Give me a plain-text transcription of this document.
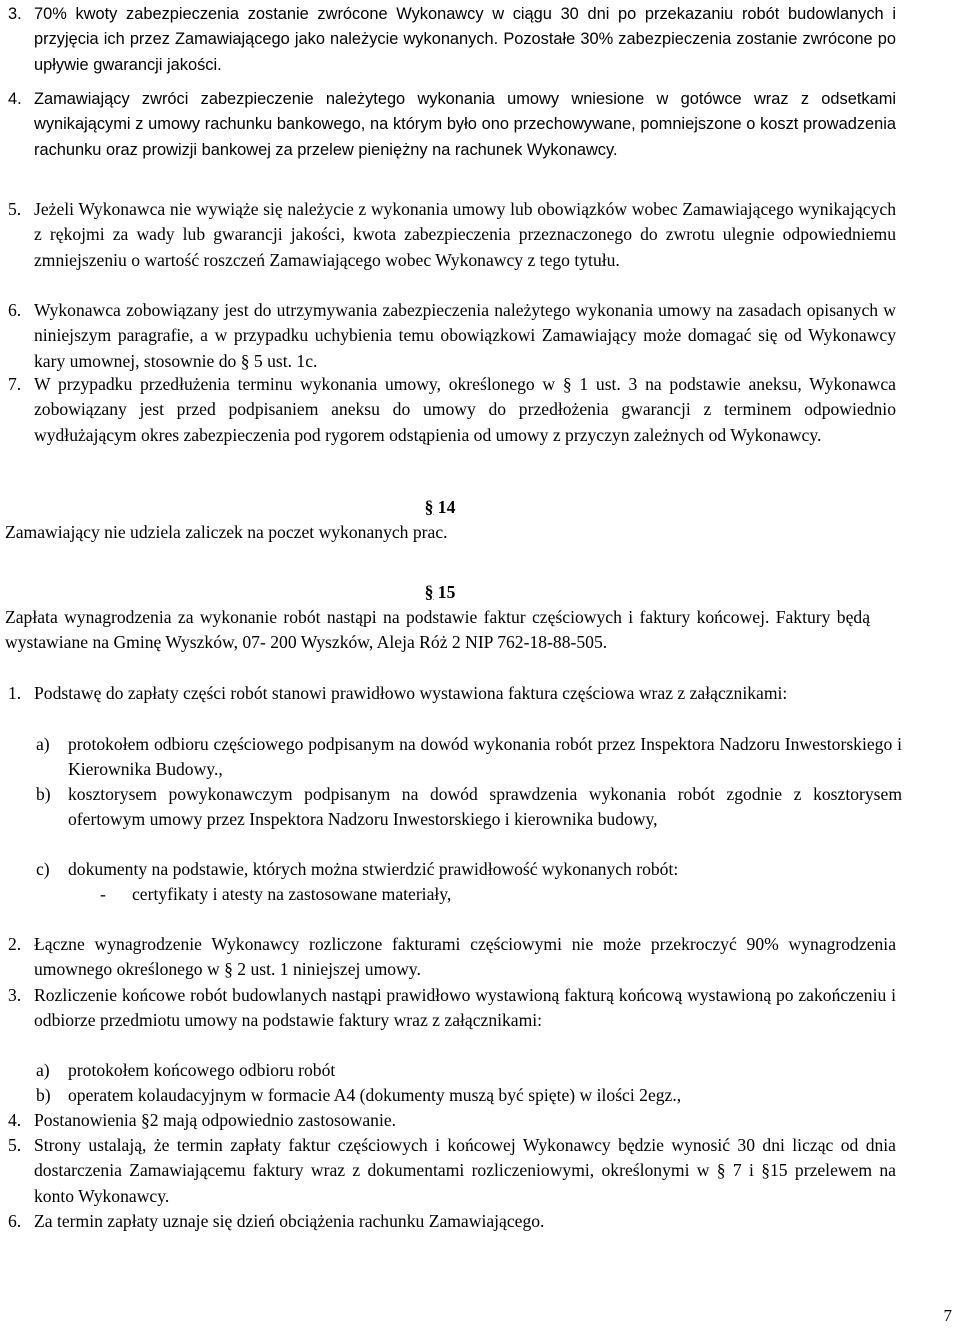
3. 70% kwoty zabezpieczenia zostanie zwrócone Wykonawcy w ciągu 30 dni po przekazaniu robót budowlanych i przyjęcia ich przez Zamawiającego jako należycie wykonanych. Pozostałe 30% zabezpieczenia zostanie zwrócone po upływie gwarancji jakości.
4. Zamawiający zwróci zabezpieczenie należytego wykonania umowy wniesione w gotówce wraz z odsetkami wynikającymi z umowy rachunku bankowego, na którym było ono przechowywane, pomniejszone o koszt prowadzenia rachunku oraz prowizji bankowej za przelew pieniężny na rachunek Wykonawcy.
5. Jeżeli Wykonawca nie wywiąże się należycie z wykonania umowy lub obowiązków wobec Zamawiającego wynikających z rękojmi za wady lub gwarancji jakości, kwota zabezpieczenia przeznaczonego do zwrotu ulegnie odpowiedniemu zmniejszeniu o wartość roszczeń Zamawiającego wobec Wykonawcy z tego tytułu.
6. Wykonawca zobowiązany jest do utrzymywania zabezpieczenia należytego wykonania umowy na zasadach opisanych w niniejszym paragrafie, a w przypadku uchybienia temu obowiązkowi Zamawiający może domagać się od Wykonawcy kary umownej, stosownie do § 5 ust. 1c.
7. W przypadku przedłużenia terminu wykonania umowy, określonego w § 1 ust. 3 na podstawie aneksu, Wykonawca zobowiązany jest przed podpisaniem aneksu do umowy do przedłożenia gwarancji z terminem odpowiednio wydłużającym okres zabezpieczenia pod rygorem odstąpienia od umowy z przyczyn zależnych od Wykonawcy.
§ 14
Zamawiający nie udziela zaliczek na poczet wykonanych prac.
§ 15
Zapłata wynagrodzenia za wykonanie robót nastąpi na podstawie faktur częściowych i faktury końcowej. Faktury będą wystawiane na Gminę Wyszków, 07- 200 Wyszków, Aleja Róż 2 NIP 762-18-88-505.
1. Podstawę do zapłaty części robót stanowi prawidłowo wystawiona faktura częściowa wraz z załącznikami:
a) protokołem odbioru częściowego podpisanym na dowód wykonania robót przez Inspektora Nadzoru Inwestorskiego i Kierownika Budowy.,
b) kosztorysem powykonawczym podpisanym na dowód sprawdzenia wykonania robót zgodnie z kosztorysem ofertowym umowy przez Inspektora Nadzoru Inwestorskiego i kierownika budowy,
c) dokumenty na podstawie, których można stwierdzić prawidłowość wykonanych robót:
- certyfikaty i atesty na zastosowane materiały,
2. Łączne wynagrodzenie Wykonawcy rozliczone fakturami częściowymi nie może przekroczyć 90% wynagrodzenia umownego określonego w § 2 ust. 1 niniejszej umowy.
3. Rozliczenie końcowe robót budowlanych nastąpi prawidłowo wystawioną fakturą końcową wystawioną po zakończeniu i odbiorze przedmiotu umowy na podstawie faktury wraz z załącznikami:
a) protokołem końcowego odbioru robót
b) operatem kolaudacyjnym w formacie A4 (dokumenty muszą być spięte) w ilości 2egz.,
4. Postanowienia §2 mają odpowiednio zastosowanie.
5. Strony ustalają, że termin zapłaty faktur częściowych i końcowej Wykonawcy będzie wynosić 30 dni licząc od dnia dostarczenia Zamawiającemu faktury wraz z dokumentami rozliczeniowymi, określonymi w § 7 i §15 przelewem na konto Wykonawcy.
6. Za termin zapłaty uznaje się dzień obciążenia rachunku Zamawiającego.
7
